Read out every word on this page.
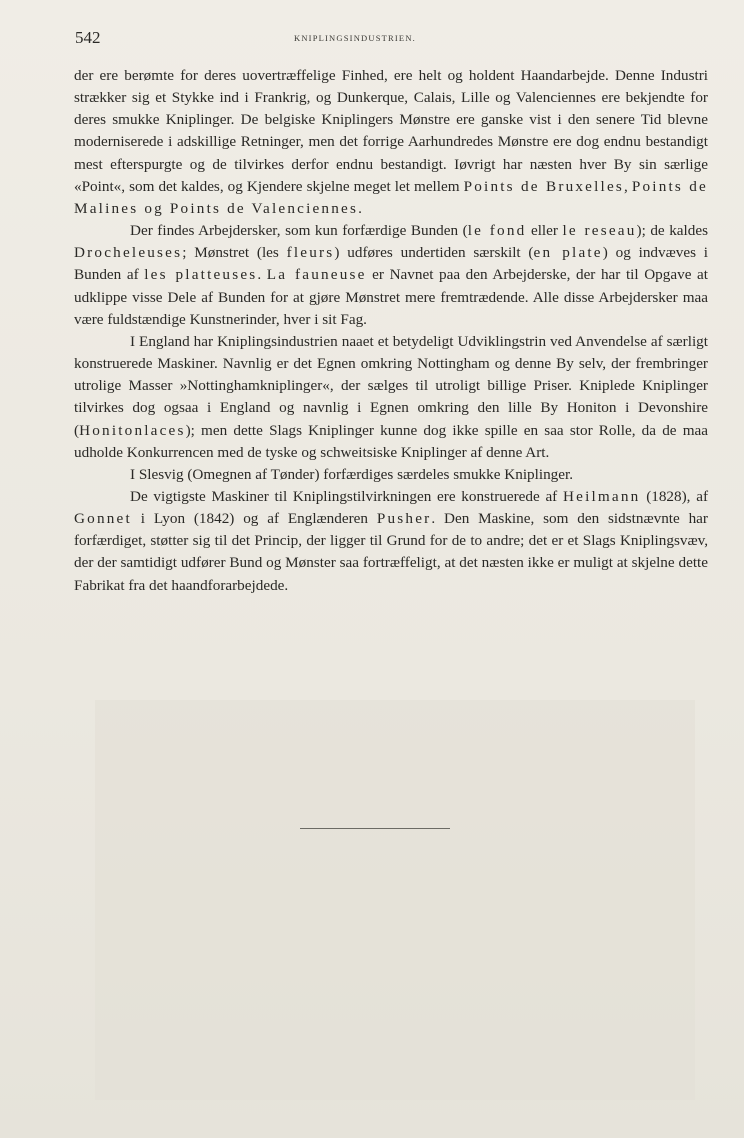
542	KNIPLINGSINDUSTRIEN.

der ere berømte for deres uovertræffelige Finhed, ere helt og holdent Haandarbejde. Denne Industri strækker sig et Stykke ind i Frankrig, og Dunkerque, Calais, Lille og Valenciennes ere bekjendte for deres smukke Kniplinger. De belgiske Kniplingers Mønstre ere ganske vist i den senere Tid blevne moderniserede i adskillige Retninger, men det forrige Aarhundredes Mønstre ere dog endnu bestandigt mest efterspurgte og de tilvirkes derfor endnu bestandigt. Iøvrigt har næsten hver By sin særlige «Point«, som det kaldes, og Kjendere skjelne meget let mellem Points de Bruxelles, Points de Malines og Points de Valenciennes.

Der findes Arbejdersker, som kun forfærdige Bunden (le fond eller le reseau); de kaldes Drocheleuses; Mønstret (les fleurs) udføres undertiden særskilt (en plate) og indvæves i Bunden af les platteuses. La fauneuse er Navnet paa den Arbejderske, der har til Opgave at udklippe visse Dele af Bunden for at gjøre Mønstret mere fremtrædende. Alle disse Arbejdersker maa være fuldstændige Kunstnerinder, hver i sit Fag.

I England har Kniplingsindustrien naaet et betydeligt Udviklingstrin ved Anvendelse af særligt konstruerede Maskiner. Navnlig er det Egnen omkring Nottingham og denne By selv, der frembringer utrolige Masser »Nottinghamkniplinger«, der sælges til utroligt billige Priser. Kniplede Kniplinger tilvirkes dog ogsaa i England og navnlig i Egnen omkring den lille By Honiton i Devonshire (Honitonlaces); men dette Slags Kniplinger kunne dog ikke spille en saa stor Rolle, da de maa udholde Konkurrencen med de tyske og schweitsiske Kniplinger af denne Art.

I Slesvig (Omegnen af Tønder) forfærdiges særdeles smukke Kniplinger.

De vigtigste Maskiner til Kniplingstilvirkningen ere konstruerede af Heilmann (1828), af Gonnet i Lyon (1842) og af Englænderen Pusher. Den Maskine, som den sidstnævnte har forfærdiget, støtter sig til det Princip, der ligger til Grund for de to andre; det er et Slags Kniplingsvæv, der der samtidigt udfører Bund og Mønster saa fortræffeligt, at det næsten ikke er muligt at skjelne dette Fabrikat fra det haandforarbejdede.
